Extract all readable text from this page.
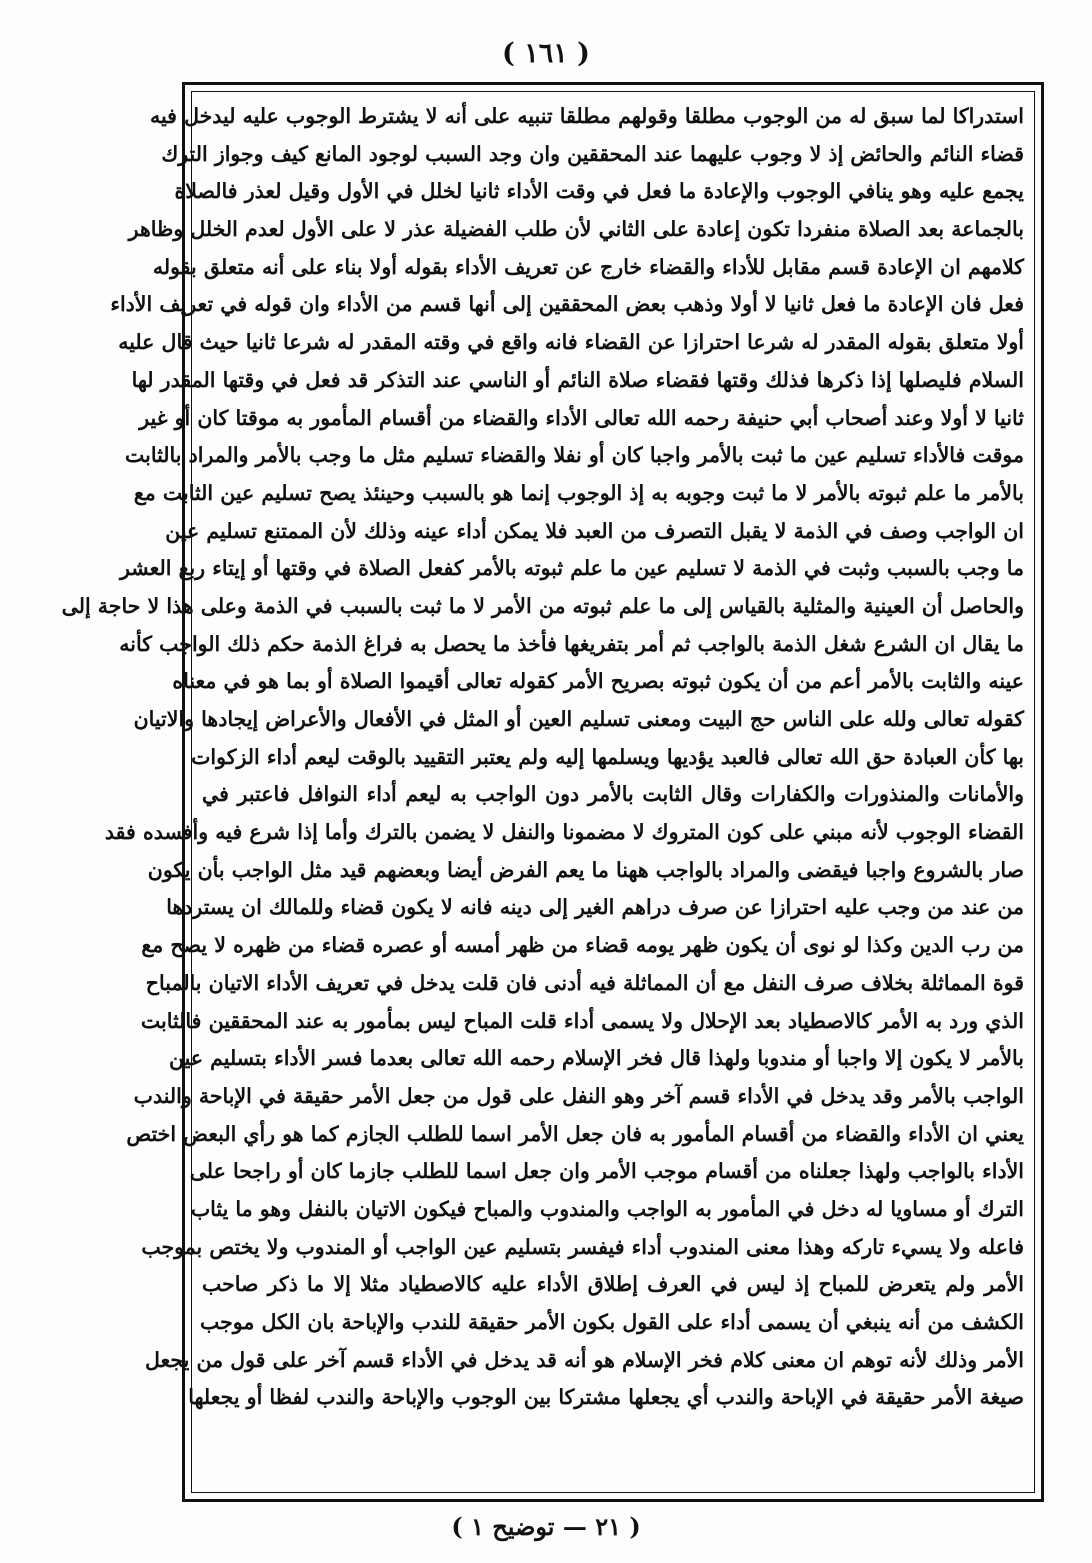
( ١٦١ )
استدراكا لما سبق له من الوجوب مطلقا وقولهم مطلقا تنبيه على أنه لا يشترط الوجوب عليه ليدخل فيه
قضاء النائم والحائض إذ لا وجوب عليهما عند المحققين وان وجد السبب لوجود المانع كيف وجواز الترك
يجمع عليه وهو ينافي الوجوب والإعادة ما فعل في وقت الأداء ثانيا لخلل في الأول وقيل لعذر فالصلاة
بالجماعة بعد الصلاة منفردا تكون إعادة على الثاني لأن طلب الفضيلة عذر لا على الأول لعدم الخلل وظاهر
كلامهم ان الإعادة قسم مقابل للأداء والقضاء خارج عن تعريف الأداء بقوله أولا بناء على أنه متعلق بقوله
فعل فان الإعادة ما فعل ثانيا لا أولا وذهب بعض المحققين إلى أنها قسم من الأداء وان قوله في تعريف الأداء
أولا متعلق بقوله المقدر له شرعا احترازا عن القضاء فانه واقع في وقته المقدر له شرعا ثانيا حيث قال عليه
السلام فليصلها إذا ذكرها فذلك وقتها فقضاء صلاة النائم أو الناسي عند التذكر قد فعل في وقتها المقدر لها
ثانيا لا أولا وعند أصحاب أبي حنيفة رحمه الله تعالى الأداء والقضاء من أقسام المأمور به موقتا كان أو غير
موقت فالأداء تسليم عين ما ثبت بالأمر واجبا كان أو نفلا والقضاء تسليم مثل ما وجب بالأمر والمراد بالثابت
بالأمر ما علم ثبوته بالأمر لا ما ثبت وجوبه به إذ الوجوب إنما هو بالسبب وحينئذ يصح تسليم عين الثابت مع
ان الواجب وصف في الذمة لا يقبل التصرف من العبد فلا يمكن أداء عينه وذلك لأن الممتنع تسليم عين
ما وجب بالسبب وثبت في الذمة لا تسليم عين ما علم ثبوته بالأمر كفعل الصلاة في وقتها أو إيتاء ربع العشر
والحاصل أن العينية والمثلية بالقياس إلى ما علم ثبوته من الأمر لا ما ثبت بالسبب في الذمة وعلى هذا لا حاجة إلى
ما يقال ان الشرع شغل الذمة بالواجب ثم أمر بتفريغها فأخذ ما يحصل به فراغ الذمة حكم ذلك الواجب كأنه
عينه والثابت بالأمر أعم من أن يكون ثبوته بصريح الأمر كقوله تعالى أقيموا الصلاة أو بما هو في معناه
كقوله تعالى ولله على الناس حج البيت ومعنى تسليم العين أو المثل في الأفعال والأعراض إيجادها والاتيان
بها كأن العبادة حق الله تعالى فالعبد يؤديها ويسلمها إليه ولم يعتبر التقييد بالوقت ليعم أداء الزكوات
والأمانات والمنذورات والكفارات وقال الثابت بالأمر دون الواجب به ليعم أداء النوافل فاعتبر في
القضاء الوجوب لأنه مبني على كون المتروك لا مضمونا والنفل لا يضمن بالترك وأما إذا شرع فيه وأفسده فقد
صار بالشروع واجبا فيقضى والمراد بالواجب ههنا ما يعم الفرض أيضا وبعضهم قيد مثل الواجب بأن يكون
من عند من وجب عليه احترازا عن صرف دراهم الغير إلى دينه فانه لا يكون قضاء وللمالك ان يستردها
من رب الدين وكذا لو نوى أن يكون ظهر يومه قضاء من ظهر أمسه أو عصره قضاء من ظهره لا يصح مع
قوة المماثلة بخلاف صرف النفل مع أن المماثلة فيه أدنى فان قلت يدخل في تعريف الأداء الاتيان بالمباح
الذي ورد به الأمر كالاصطياد بعد الإحلال ولا يسمى أداء قلت المباح ليس بمأمور به عند المحققين فالثابت
بالأمر لا يكون إلا واجبا أو مندوبا ولهذا قال فخر الإسلام رحمه الله تعالى بعدما فسر الأداء بتسليم عين
الواجب بالأمر وقد يدخل في الأداء قسم آخر وهو النفل على قول من جعل الأمر حقيقة في الإباحة والندب
يعني ان الأداء والقضاء من أقسام المأمور به فان جعل الأمر اسما للطلب الجازم كما هو رأي البعض اختص
الأداء بالواجب ولهذا جعلناه من أقسام موجب الأمر وان جعل اسما للطلب جازما كان أو راجحا على
الترك أو مساويا له دخل في المأمور به الواجب والمندوب والمباح فيكون الاتيان بالنفل وهو ما يثاب
فاعله ولا يسيء تاركه وهذا معنى المندوب أداء فيفسر بتسليم عين الواجب أو المندوب ولا يختص بموجب
الأمر ولم يتعرض للمباح إذ ليس في العرف إطلاق الأداء عليه كالاصطياد مثلا إلا ما ذكر صاحب
الكشف من أنه ينبغي أن يسمى أداء على القول بكون الأمر حقيقة للندب والإباحة بان الكل موجب
الأمر وذلك لأنه توهم ان معنى كلام فخر الإسلام هو أنه قد يدخل في الأداء قسم آخر على قول من يجعل
صيغة الأمر حقيقة في الإباحة والندب أي يجعلها مشتركا بين الوجوب والإباحة والندب لفظا أو يجعلها
( ٢١ — توضيح ١ )
